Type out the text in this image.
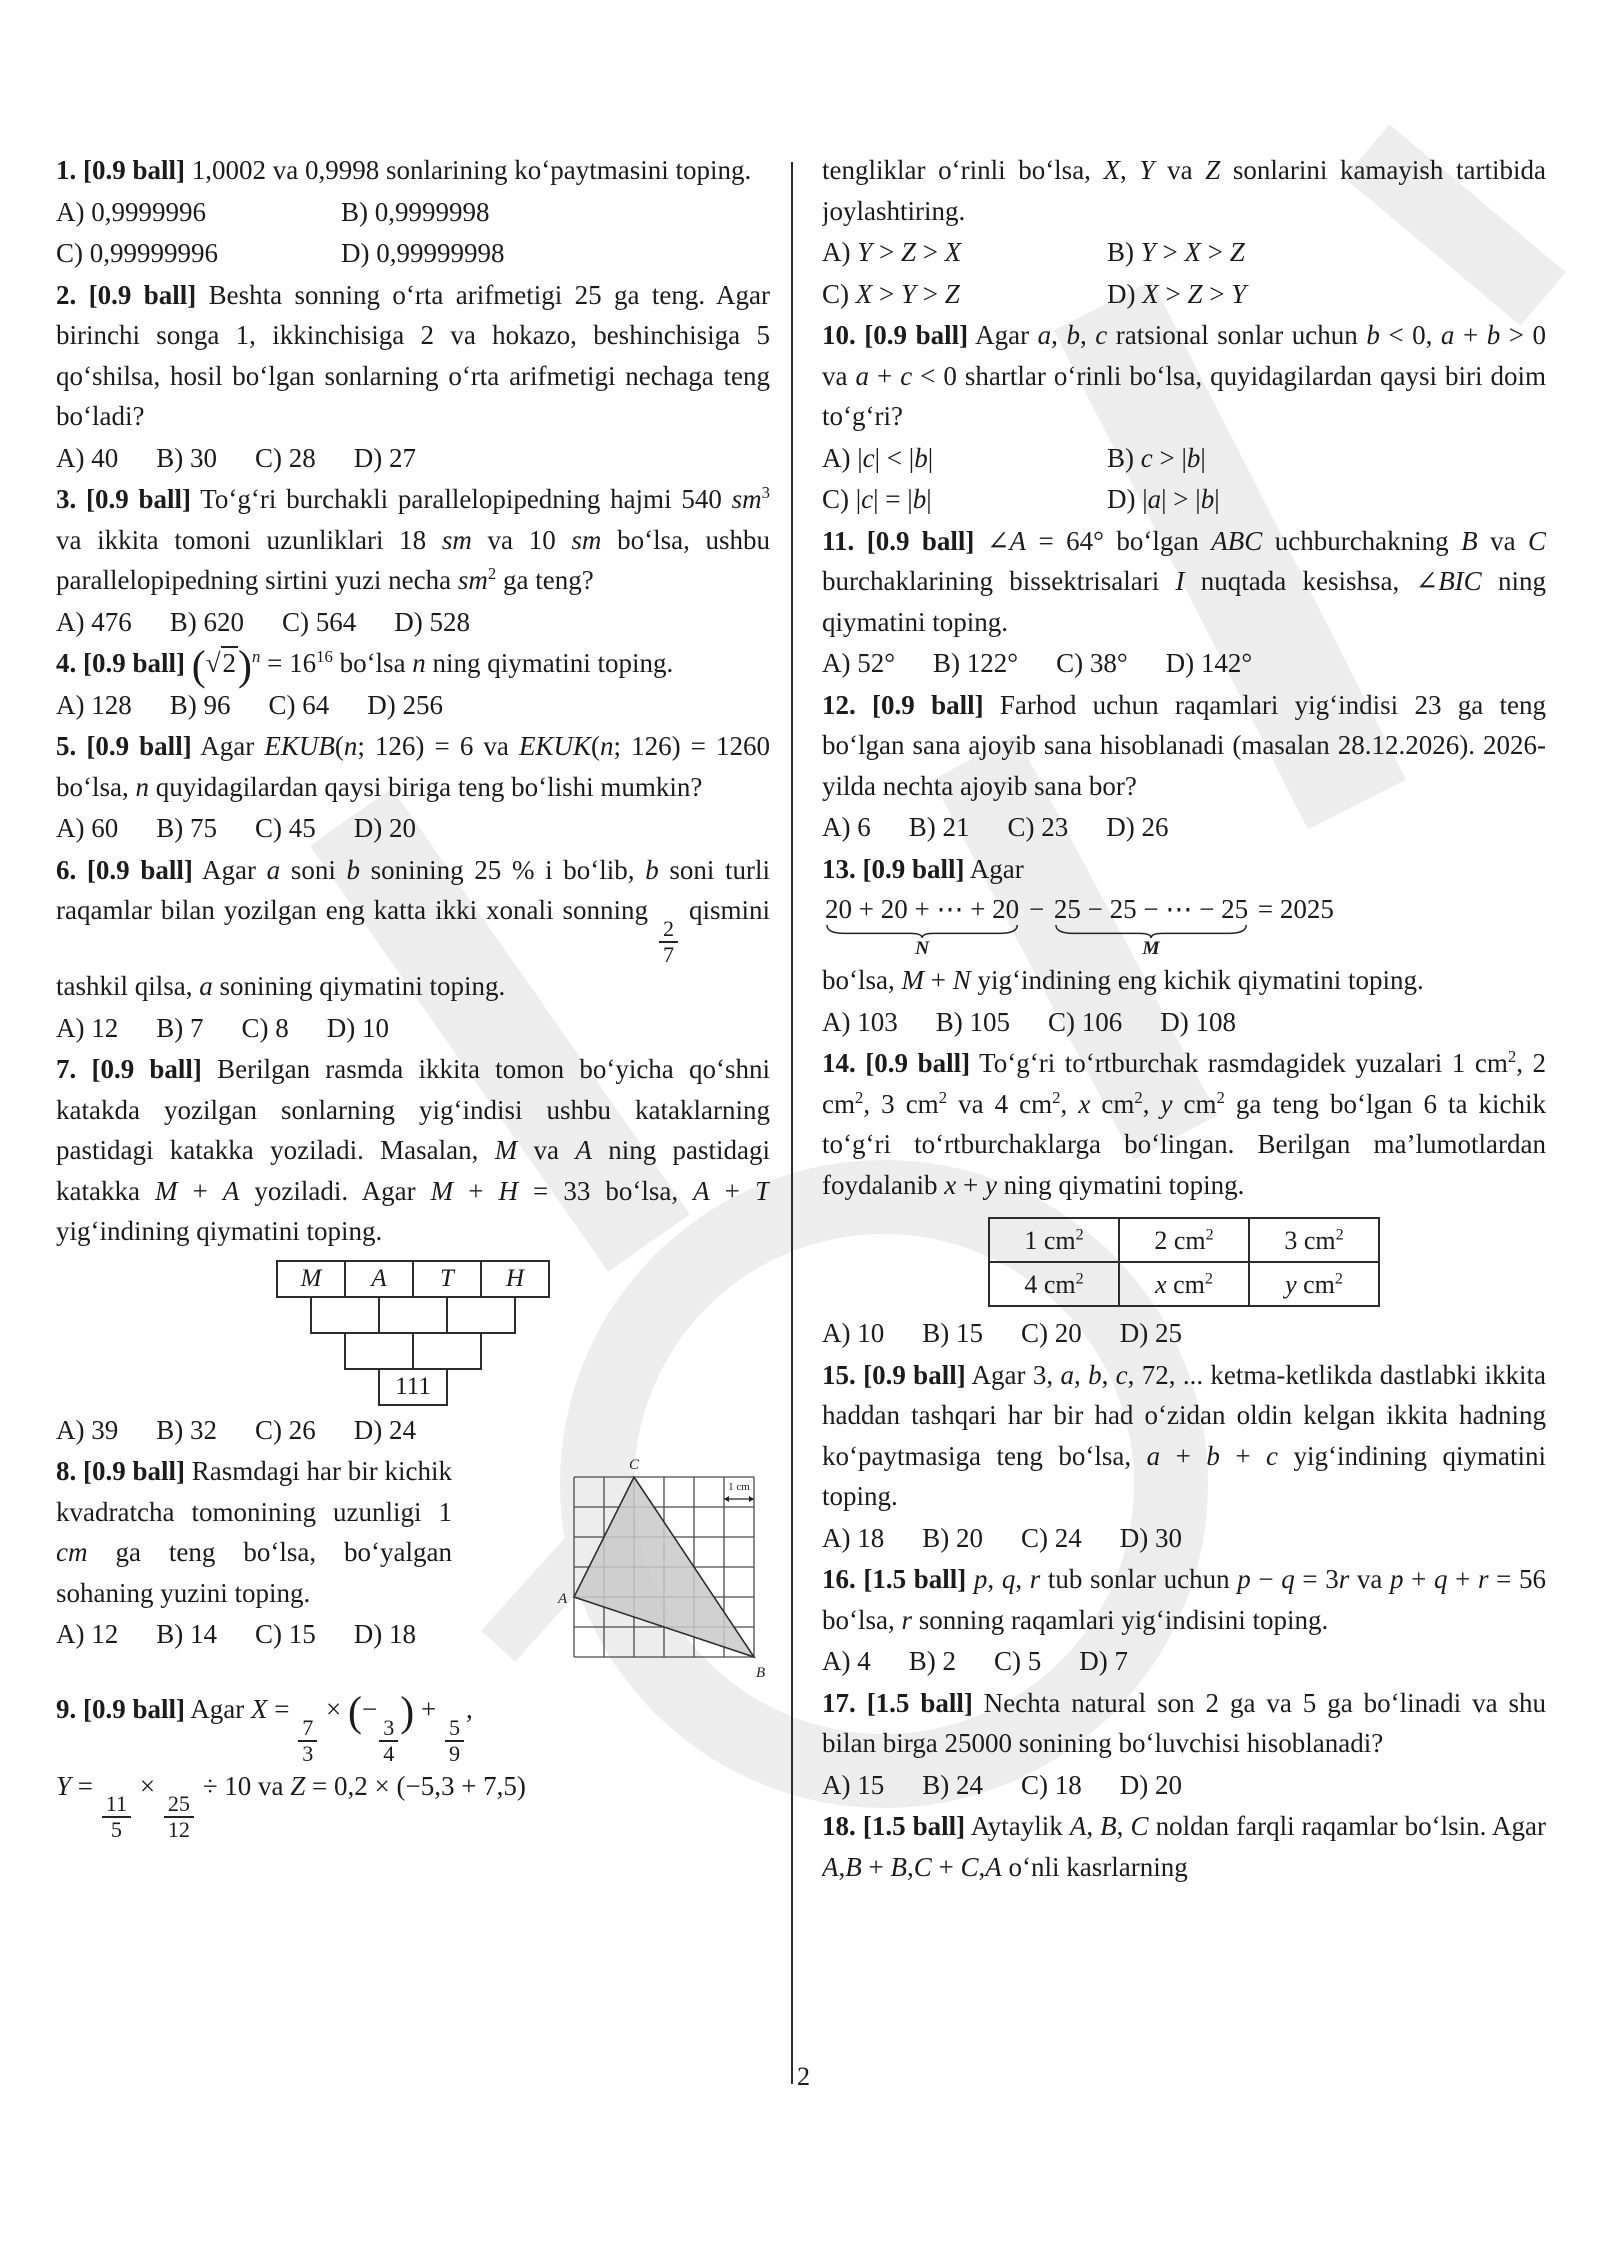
1. [0.9 ball] 1,0002 va 0,9998 sonlarining ko‘paytmasini toping.
A) 0,9999996	B) 0,9999998
C) 0,99999996	D) 0,99999998
2. [0.9 ball] Beshta sonning o‘rta arifmetigi 25 ga teng. Agar birinchi songa 1, ikkinchisiga 2 va hokazo, beshinchisiga 5 qo‘shilsa, hosil bo‘lgan sonlarning o‘rta arifmetigi nechaga teng bo‘ladi?
A) 40 B) 30 C) 28 D) 27
3. [0.9 ball] To‘g‘ri burchakli parallelopipedning hajmi 540 $sm^3$ va ikkita tomoni uzunliklari 18 sm va 10 sm bo‘lsa, ushbu parallelopipedning sirtini yuzi necha $sm^2$ ga teng?
A) 476 B) 620 C) 564 D) 528
4. [0.9 ball] $(√2)^n = 16^{16}$ bo‘lsa n ning qiymatini toping.
A) 128 B) 96 C) 64 D) 256
5. [0.9 ball] Agar EKUB(n; 126) = 6 va EKUK(n; 126) = 1260 bo‘lsa, n quyidagilardan qaysi biriga teng bo‘lishi mumkin?
A) 60 B) 75 C) 45 D) 20
6. [0.9 ball] Agar a soni b sonining 25 % i bo‘lib, b soni turli raqamlar bilan yozilgan eng katta ikki xonali sonning
$\frac{2}{7}$
qismini tashkil qilsa, a sonining qiymatini toping.
A) 12 B) 7 C) 8 D) 10
7. [0.9 ball] Berilgan rasmda ikkita tomon bo‘yicha qo‘shni katakda yozilgan sonlarning yig‘indisi ushbu kataklarning pastidagi katakka yoziladi. Masalan, M va A ning pastidagi katakka M + A yoziladi. Agar M + H = 33 bo‘lsa, A + T yig‘indining qiymatini toping.
M A T H
111
A) 39 B) 32 C) 26 D) 24
C
A
B
1 cm
8. [0.9 ball] Rasmdagi har bir kichik kvadratcha tomonining uzunligi 1 cm ga teng bo‘lsa, bo‘yalgan sohaning yuzini toping.
A) 12 B) 14 C) 15 D) 18
9. [0.9 ball] Agar X =
$\frac{7}{3}$
× (−
$\frac{3}{4}$
) +
$\frac{5}{9}$
,
Y =
$\frac{11}{5}$
×
$\frac{25}{12}$
÷ 10 va Z = 0,2 × (−5,3 + 7,5)
tengliklar o‘rinli bo‘lsa, X, Y va Z sonlarini kamayish tartibida joylashtiring.
A) Y > Z > X	B) Y > X > Z
C) X > Y > Z	D) X > Z > Y
10. [0.9 ball] Agar a, b, c ratsional sonlar uchun b < 0, a + b > 0 va a + c < 0 shartlar o‘rinli bo‘lsa, quyidagilardan qaysi biri doim to‘g‘ri?
A) |c| < |b|	B) c > |b|
C) |c| = |b|	D) |a| > |b|
11. [0.9 ball] ∠A = 64° bo‘lgan ABC uchburchakning B va C burchaklarining bissektrisalari I nuqtada kesishsa, ∠BIC ning qiymatini toping.
A) 52° B) 122° C) 38° D) 142°
12. [0.9 ball] Farhod uchun raqamlari yig‘indisi 23 ga teng bo‘lgan sana ajoyib sana hisoblanadi (masalan 28.12.2026). 2026-yilda nechta ajoyib sana bor?
A) 6 B) 21 C) 23 D) 26
13. [0.9 ball] Agar

20 + 20 + ⋯ + 20
N
− 25 − 25 − ⋯ − 25
M
= 2025
bo‘lsa, M + N yig‘indining eng kichik qiymatini toping.
A) 103 B) 105 C) 106 D) 108
14. [0.9 ball] To‘g‘ri to‘rtburchak rasmdagidek yuzalari 1 $cm^2$, 2 $cm^2$, 3 $cm^2$ va 4 $cm^2$, x $cm^2$, y $cm^2$ ga teng bo‘lgan 6 ta kichik to‘g‘ri to‘rtburchaklarga bo‘lingan. Berilgan ma’lumotlardan foydalanib x + y ning qiymatini toping.
1 $cm^2$	2 $cm^2$	3 $cm^2$
4 $cm^2$	x $cm^2$	y $cm^2$
A) 10 B) 15 C) 20 D) 25
15. [0.9 ball] Agar 3, a, b, c, 72, ... ketma-ketlikda dastlabki ikkita haddan tashqari har bir had o‘zidan oldin kelgan ikkita hadning ko‘paytmasiga teng bo‘lsa, a + b + c yig‘indining qiymatini toping.
A) 18 B) 20 C) 24 D) 30
16. [1.5 ball] p, q, r tub sonlar uchun p − q = 3r va p + q + r = 56 bo‘lsa, r sonning raqamlari yig‘indisini toping.
A) 4 B) 2 C) 5 D) 7
17. [1.5 ball] Nechta natural son 2 ga va 5 ga bo‘linadi va shu bilan birga 25000 sonining bo‘luvchisi hisoblanadi?
A) 15 B) 24 C) 18 D) 20
18. [1.5 ball] Aytaylik A, B, C noldan farqli raqamlar bo‘lsin. Agar A,B + B,C + C,A o‘nli kasrlarning
2
